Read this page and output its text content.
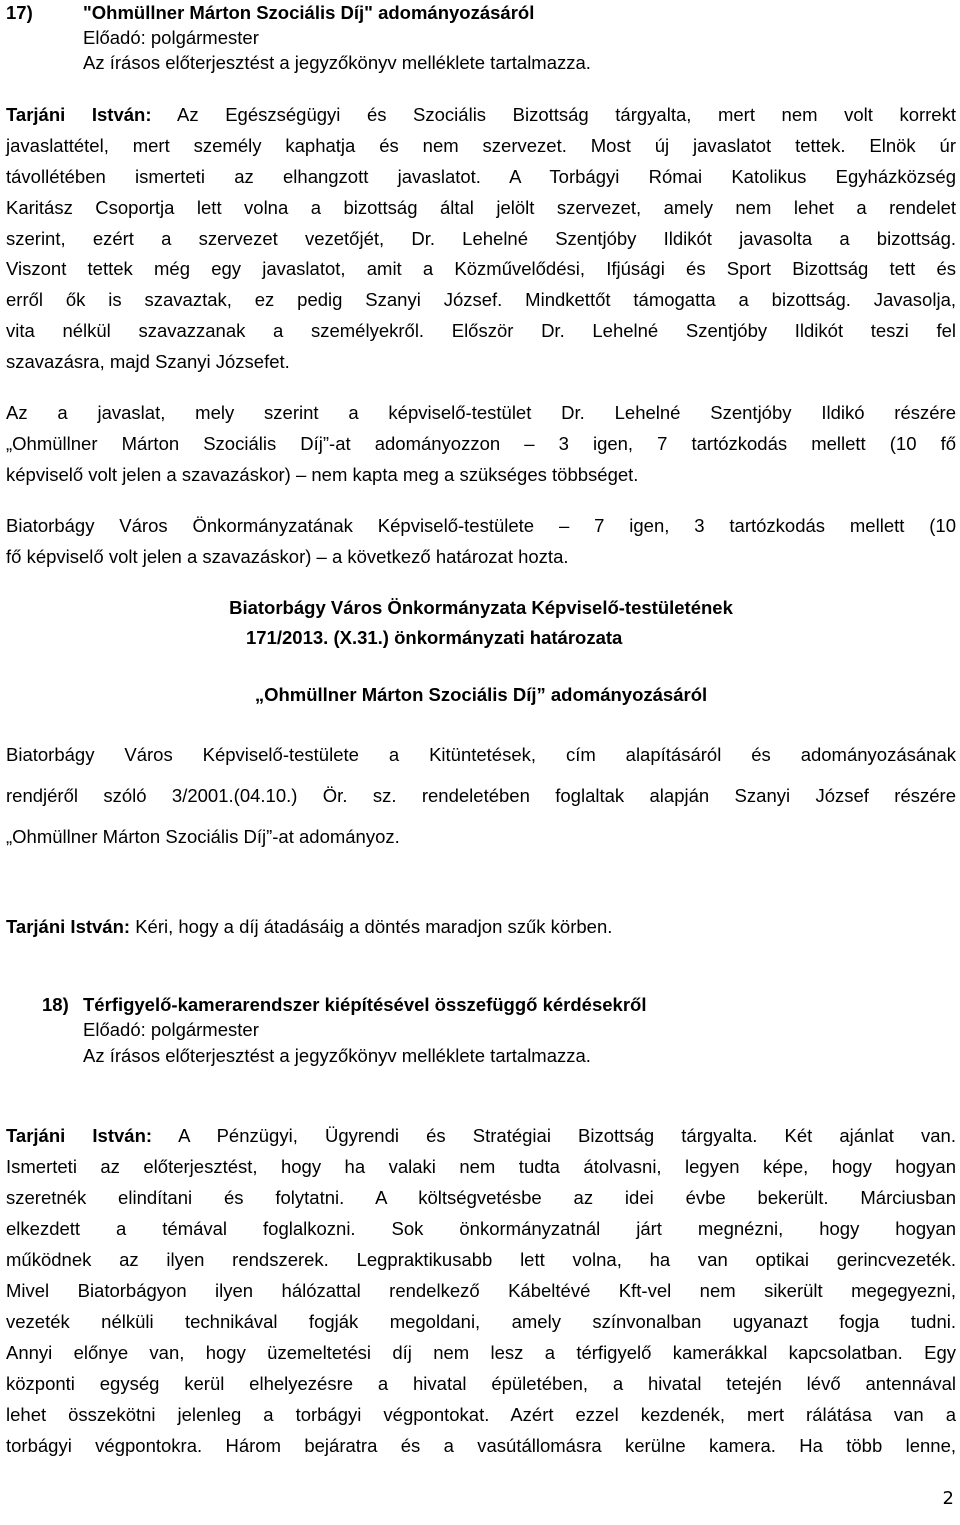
17)	"Ohmüllner Márton Szociális Díj" adományozásáról
Előadó: polgármester
Az írásos előterjesztést a jegyzőkönyv melléklete tartalmazza.
Tarjáni István: Az Egészségügyi és Szociális Bizottság tárgyalta, mert nem volt korrekt
javaslattétel, mert személy kaphatja és nem szervezet. Most új javaslatot tettek. Elnök úr
távollétében ismerteti az elhangzott javaslatot. A Torbágyi Római Katolikus Egyházközség
Karitász Csoportja lett volna a bizottság által jelölt szervezet, amely nem lehet a rendelet
szerint, ezért a szervezet vezetőjét, Dr. Lehelné Szentjóby Ildikót javasolta a bizottság.
Viszont tettek még egy javaslatot, amit a Közművelődési, Ifjúsági és Sport Bizottság tett és
erről ők is szavaztak, ez pedig Szanyi József. Mindkettőt támogatta a bizottság. Javasolja,
vita nélkül szavazzanak a személyekről. Először Dr. Lehelné Szentjóby Ildikót teszi fel
szavazásra, majd Szanyi Józsefet.
Az a javaslat, mely szerint a képviselő-testület Dr. Lehelné Szentjóby Ildikó részére
„Ohmüllner Márton Szociális Díj”-at adományozzon – 3 igen, 7 tartózkodás mellett (10 fő
képviselő volt jelen a szavazáskor) – nem kapta meg a szükséges többséget.
Biatorbágy Város Önkormányzatának Képviselő-testülete – 7 igen, 3 tartózkodás mellett (10
fő képviselő volt jelen a szavazáskor) – a következő határozat hozta.
Biatorbágy Város Önkormányzata Képviselő-testületének
171/2013. (X.31.) önkormányzati határozata
„Ohmüllner Márton Szociális Díj” adományozásáról
Biatorbágy Város Képviselő-testülete a Kitüntetések, cím alapításáról és adományozásának
rendjéről szóló 3/2001.(04.10.) Ör. sz. rendeletében foglaltak alapján Szanyi József részére
„Ohmüllner Márton Szociális Díj”-at adományoz.
Tarjáni István: Kéri, hogy a díj átadásáig a döntés maradjon szűk körben.
18) Térfigyelő-kamerarendszer kiépítésével összefüggő kérdésekről
Előadó: polgármester
Az írásos előterjesztést a jegyzőkönyv melléklete tartalmazza.
Tarjáni István: A Pénzügyi, Ügyrendi és Stratégiai Bizottság tárgyalta. Két ajánlat van.
Ismerteti az előterjesztést, hogy ha valaki nem tudta átolvasni, legyen képe, hogy hogyan
szeretnék elindítani és folytatni. A költségvetésbe az idei évbe bekerült. Márciusban
elkezdett a témával foglalkozni. Sok önkormányzatnál járt megnézni, hogy hogyan
működnek az ilyen rendszerek. Legpraktikusabb lett volna, ha van optikai gerincvezeték.
Mivel Biatorbágyon ilyen hálózattal rendelkező Kábeltévé Kft-vel nem sikerült megegyezni,
vezeték nélküli technikával fogják megoldani, amely színvonalban ugyanazt fogja tudni.
Annyi előnye van, hogy üzemeltetési díj nem lesz a térfigyelő kamerákkal kapcsolatban. Egy
központi egység kerül elhelyezésre a hivatal épületében, a hivatal tetején lévő antennával
lehet összekötni jelenleg a torbágyi végpontokat. Azért ezzel kezdenék, mert rálátása van a
torbágyi végpontokra. Három bejáratra és a vasútállomásra kerülne kamera. Ha több lenne,
2
